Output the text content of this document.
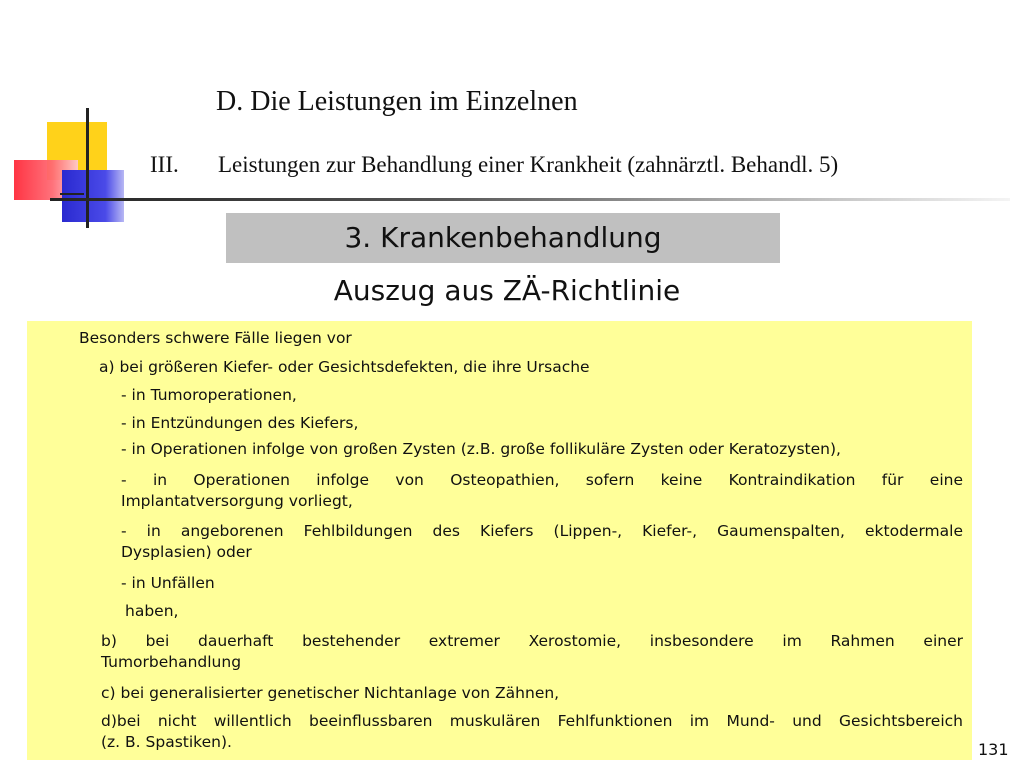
D. Die Leistungen im Einzelnen
III. Leistungen zur Behandlung einer Krankheit (zahnärztl. Behandl. 5)
3. Krankenbehandlung
Auszug aus ZÄ-Richtlinie
Besonders schwere Fälle liegen vor
a) bei größeren Kiefer- oder Gesichtsdefekten, die ihre Ursache
- in Tumoroperationen,
- in Entzündungen des Kiefers,
- in Operationen infolge von großen Zysten (z.B. große follikuläre Zysten oder Keratozysten),
- in Operationen infolge von Osteopathien, sofern keine Kontraindikation für eine
Implantatversorgung vorliegt,
- in angeborenen Fehlbildungen des Kiefers (Lippen-, Kiefer-, Gaumenspalten, ektodermale
Dysplasien) oder
- in Unfällen
haben,
b) bei dauerhaft bestehender extremer Xerostomie, insbesondere im Rahmen einer
Tumorbehandlung
c) bei generalisierter genetischer Nichtanlage von Zähnen,
d)bei nicht willentlich beeinflussbaren muskulären Fehlfunktionen im Mund- und Gesichtsbereich
(z. B. Spastiken).	131
